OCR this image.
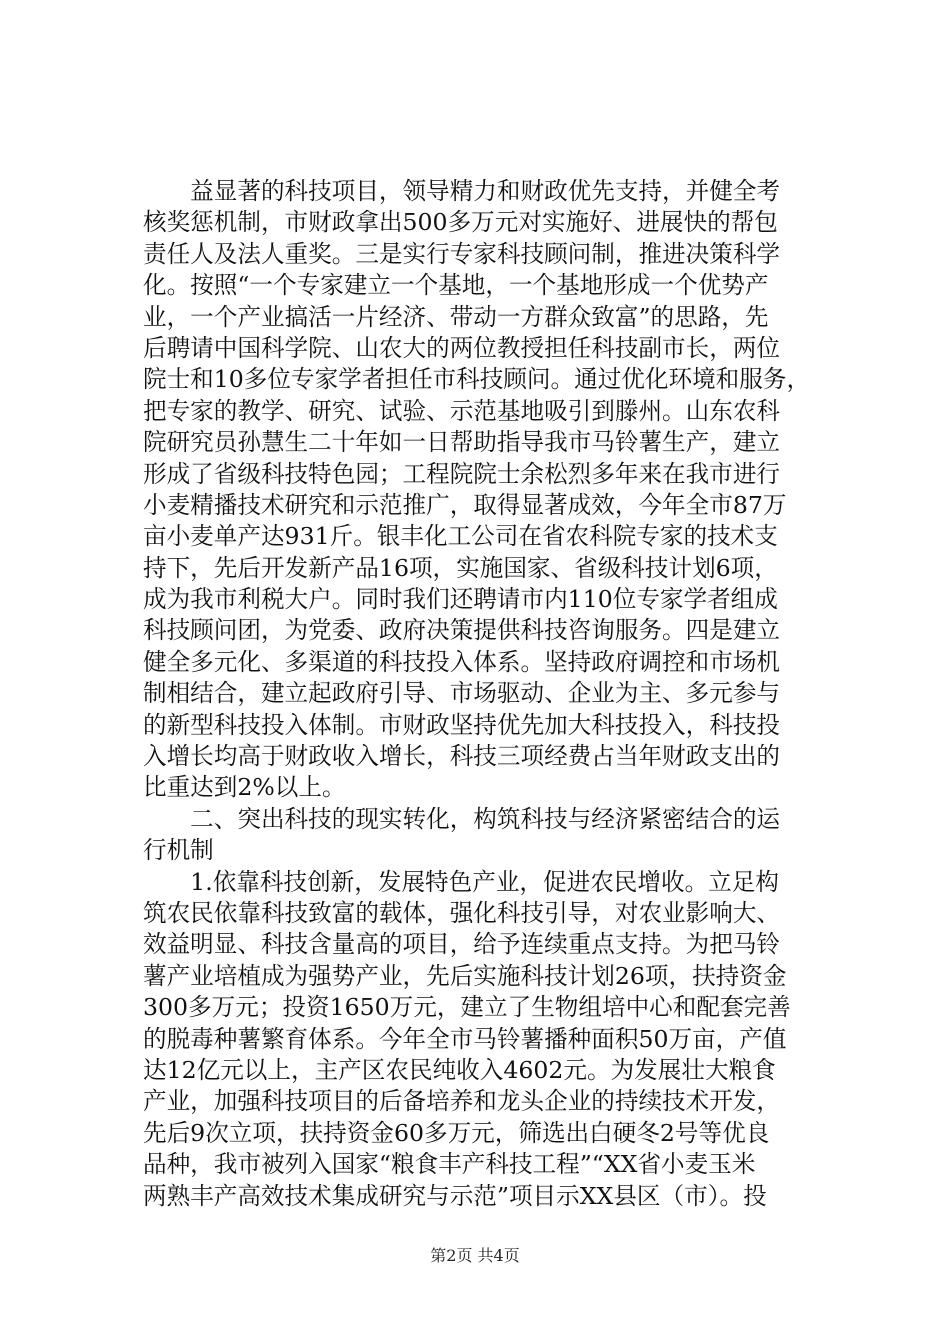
　　益显著的科技项目，领导精力和财政优先支持，并健全考
核奖惩机制，市财政拿出500多万元对实施好、进展快的帮包
责任人及法人重奖。三是实行专家科技顾问制，推进决策科学
化。按照“一个专家建立一个基地，一个基地形成一个优势产
业，一个产业搞活一片经济、带动一方群众致富”的思路，先
后聘请中国科学院、山农大的两位教授担任科技副市长，两位
院士和10多位专家学者担任市科技顾问。通过优化环境和服务，
把专家的教学、研究、试验、示范基地吸引到滕州。山东农科
院研究员孙慧生二十年如一日帮助指导我市马铃薯生产，建立
形成了省级科技特色园；工程院院士余松烈多年来在我市进行
小麦精播技术研究和示范推广，取得显著成效，今年全市87万
亩小麦单产达931斤。银丰化工公司在省农科院专家的技术支
持下，先后开发新产品16项，实施国家、省级科技计划6项，
成为我市利税大户。同时我们还聘请市内110位专家学者组成
科技顾问团，为党委、政府决策提供科技咨询服务。四是建立
健全多元化、多渠道的科技投入体系。坚持政府调控和市场机
制相结合，建立起政府引导、市场驱动、企业为主、多元参与
的新型科技投入体制。市财政坚持优先加大科技投入，科技投
入增长均高于财政收入增长，科技三项经费占当年财政支出的
比重达到2%以上。
　　二、突出科技的现实转化，构筑科技与经济紧密结合的运
行机制
　　1.依靠科技创新，发展特色产业，促进农民增收。立足构
筑农民依靠科技致富的载体，强化科技引导，对农业影响大、
效益明显、科技含量高的项目，给予连续重点支持。为把马铃
薯产业培植成为强势产业，先后实施科技计划26项，扶持资金
300多万元；投资1650万元，建立了生物组培中心和配套完善
的脱毒种薯繁育体系。今年全市马铃薯播种面积50万亩，产值
达12亿元以上，主产区农民纯收入4602元。为发展壮大粮食
产业，加强科技项目的后备培养和龙头企业的持续技术开发，
先后9次立项，扶持资金60多万元，筛选出白硬冬2号等优良
品种，我市被列入国家“粮食丰产科技工程”“XX省小麦玉米
两熟丰产高效技术集成研究与示范”项目示XX县区（市）。投
第2页 共4页
